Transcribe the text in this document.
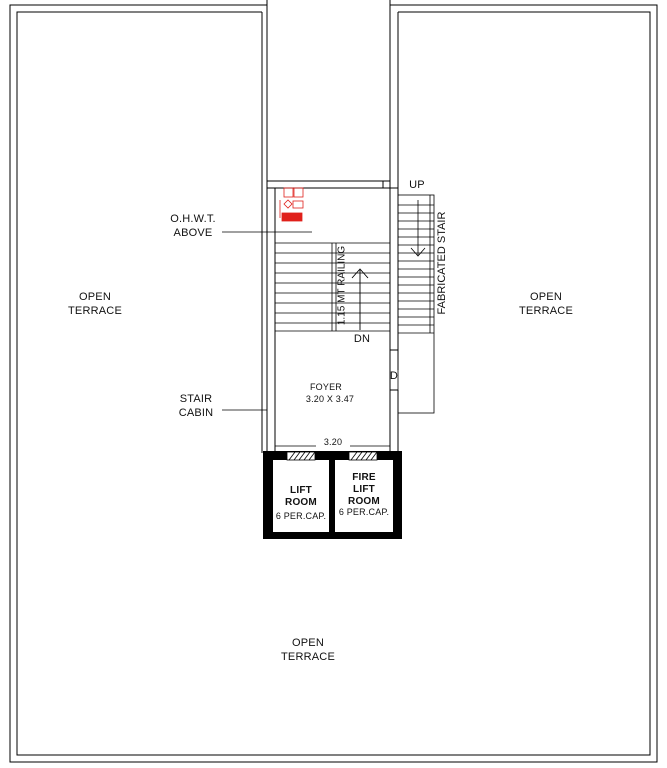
OPEN
TERRACE
OPEN
TERRACE
OPEN
TERRACE
O.H.W.T.
ABOVE
STAIR
CABIN
FOYER
3.20 X 3.47
3.20
UP
DN
D
FABRICATED STAIR
1.15 MT RAILING
LIFT
ROOM
6 PER.CAP.
FIRE
LIFT
ROOM
6 PER.CAP.
